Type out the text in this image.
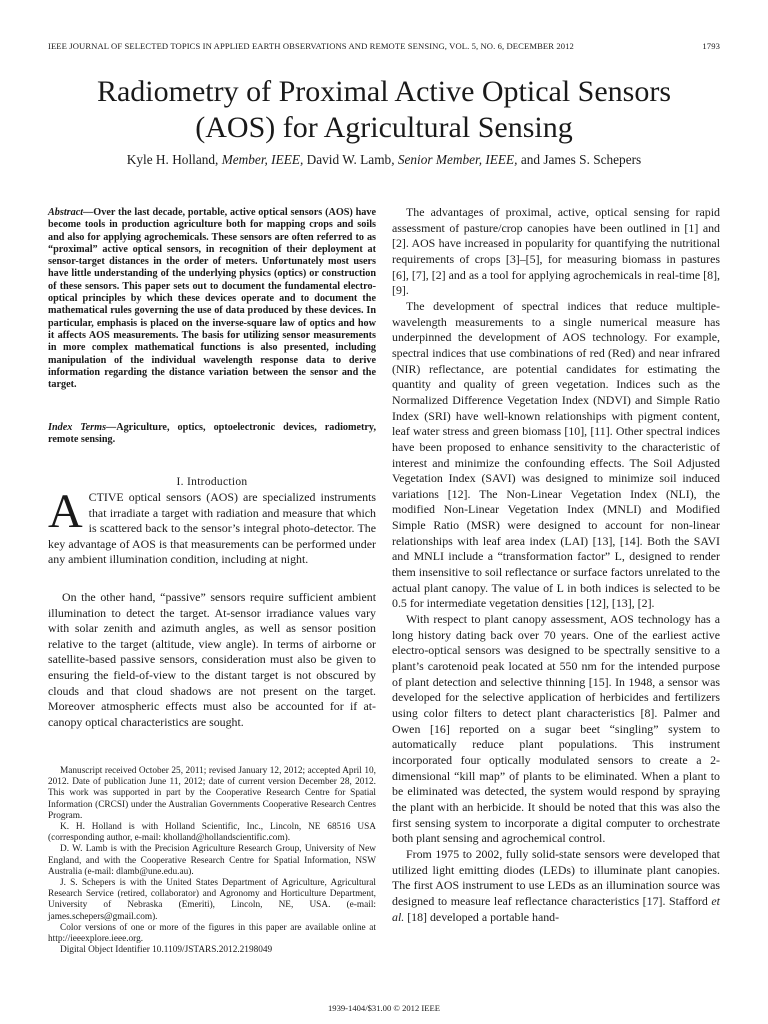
IEEE JOURNAL OF SELECTED TOPICS IN APPLIED EARTH OBSERVATIONS AND REMOTE SENSING, VOL. 5, NO. 6, DECEMBER 2012	1793
Radiometry of Proximal Active Optical Sensors
(AOS) for Agricultural Sensing
Kyle H. Holland, Member, IEEE, David W. Lamb, Senior Member, IEEE, and James S. Schepers
Abstract—Over the last decade, portable, active optical sensors (AOS) have become tools in production agriculture both for mapping crops and soils and also for applying agrochemicals. These sensors are often referred to as “proximal” active optical sensors, in recognition of their deployment at sensor-target distances in the order of meters. Unfortunately most users have little understanding of the underlying physics (optics) or construction of these sensors. This paper sets out to document the fundamental electro-optical principles by which these devices operate and to document the mathematical rules governing the use of data produced by these devices. In particular, emphasis is placed on the inverse-square law of optics and how it affects AOS measurements. The basis for utilizing sensor measurements in more complex mathematical functions is also presented, including manipulation of the individual wavelength response data to derive information regarding the distance variation between the sensor and the target.
Index Terms—Agriculture, optics, optoelectronic devices, radiometry, remote sensing.
I. Introduction

ACTIVE optical sensors (AOS) are specialized instruments that irradiate a target with radiation and measure that which is scattered back to the sensor’s integral photo-detector. The key advantage of AOS is that measurements can be performed under any ambient illumination condition, including at night.

On the other hand, “passive” sensors require sufficient ambient illumination to detect the target. At-sensor irradiance values vary with solar zenith and azimuth angles, as well as sensor position relative to the target (altitude, view angle). In terms of airborne or satellite-based passive sensors, consideration must also be given to ensuring the field-of-view to the distant target is not obscured by clouds and that cloud shadows are not present on the target. Moreover atmospheric effects must also be accounted for if at-canopy optical characteristics are sought.

Manuscript received October 25, 2011; revised January 12, 2012; accepted April 10, 2012. Date of publication June 11, 2012; date of current version December 28, 2012. This work was supported in part by the Cooperative Research Centre for Spatial Information (CRCSI) under the Australian Governments Cooperative Research Centres Program.

K. H. Holland is with Holland Scientific, Inc., Lincoln, NE 68516 USA (corresponding author, e-mail: kholland@hollandscientific.com).

D. W. Lamb is with the Precision Agriculture Research Group, University of New England, and with the Cooperative Research Centre for Spatial Information, NSW Australia (e-mail: dlamb@une.edu.au).

J. S. Schepers is with the United States Department of Agriculture, Agricultural Research Service (retired, collaborator) and Agronomy and Horticulture Department, University of Nebraska (Emeriti), Lincoln, NE, USA. (e-mail: james.schepers@gmail.com).

Color versions of one or more of the figures in this paper are available online at http://ieeexplore.ieee.org.

Digital Object Identifier 10.1109/JSTARS.2012.2198049

The advantages of proximal, active, optical sensing for rapid assessment of pasture/crop canopies have been outlined in [1] and [2]. AOS have increased in popularity for quantifying the nutritional requirements of crops [3]–[5], for measuring biomass in pastures [6], [7], [2] and as a tool for applying agrochemicals in real-time [8], [9].

The development of spectral indices that reduce multiple-wavelength measurements to a single numerical measure has underpinned the development of AOS technology. For example, spectral indices that use combinations of red (Red) and near infrared (NIR) reflectance, are potential candidates for estimating the quantity and quality of green vegetation. Indices such as the Normalized Difference Vegetation Index (NDVI) and Simple Ratio Index (SRI) have well-known relationships with pigment content, leaf water stress and green biomass [10], [11]. Other spectral indices have been proposed to enhance sensitivity to the characteristic of interest and minimize the confounding effects. The Soil Adjusted Vegetation Index (SAVI) was designed to minimize soil induced variations [12]. The Non-Linear Vegetation Index (NLI), the modified Non-Linear Vegetation Index (MNLI) and Modified Simple Ratio (MSR) were designed to account for non-linear relationships with leaf area index (LAI) [13], [14]. Both the SAVI and MNLI include a “transformation factor” L, designed to render them insensitive to soil reflectance or surface factors unrelated to the actual plant canopy. The value of L in both indices is selected to be 0.5 for intermediate vegetation densities [12], [13], [2].

With respect to plant canopy assessment, AOS technology has a long history dating back over 70 years. One of the earliest active electro-optical sensors was designed to be spectrally sensitive to a plant’s carotenoid peak located at 550 nm for the intended purpose of plant detection and selective thinning [15]. In 1948, a sensor was developed for the selective application of herbicides and fertilizers using color filters to detect plant characteristics [8]. Palmer and Owen [16] reported on a sugar beet “singling” system to automatically reduce plant populations. This instrument incorporated four optically modulated sensors to create a 2-dimensional “kill map” of plants to be eliminated. When a plant to be eliminated was detected, the system would respond by spraying the plant with an herbicide. It should be noted that this was also the first sensing system to incorporate a digital computer to orchestrate both plant sensing and agrochemical control.

From 1975 to 2002, fully solid-state sensors were developed that utilized light emitting diodes (LEDs) to illuminate plant canopies. The first AOS instrument to use LEDs as an illumination source was designed to measure leaf reflectance characteristics [17]. Stafford et al. [18] developed a portable hand-

1939-1404/$31.00 © 2012 IEEE
